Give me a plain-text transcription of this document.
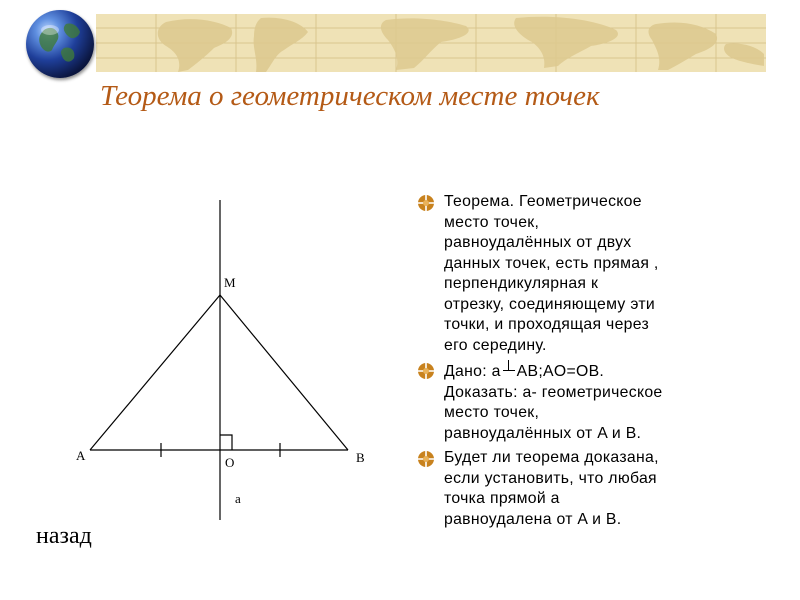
Теорема о геометрическом месте точек
M
A	O	B
a
Теорема. Геометрическое
место точек,
равноудалённых от двух
данных точек, есть прямая ,
перпендикулярная к
отрезку, соединяющему эти
точки, и проходящая через
его середину.
Дано: a AB;AO=OB.
Доказать: а- геометрическое
место точек,
равноудалённых от A и B.
Будет ли теорема доказана,
если установить, что любая
точка прямой а
равноудалена от A и B.
назад
